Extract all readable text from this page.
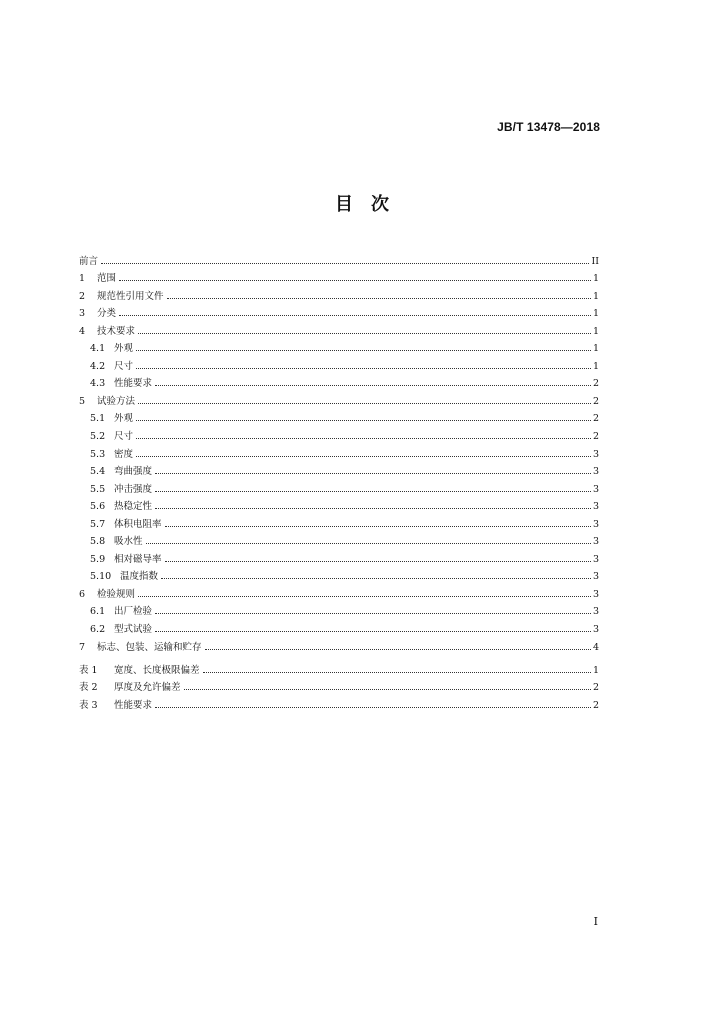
JB/T 13478—2018
目　次
前言	II
1	范围	1
2	规范性引用文件	1
3	分类	1
4	技术要求	1
4.1 外观	1
4.2 尺寸	1
4.3 性能要求	2
5	试验方法	2
5.1 外观	2
5.2 尺寸	2
5.3 密度	3
5.4 弯曲强度	3
5.5 冲击强度	3
5.6 热稳定性	3
5.7 体积电阻率	3
5.8 吸水性	3
5.9 相对磁导率	3
5.10 温度指数	3
6	检验规则	3
6.1 出厂检验	3
6.2 型式试验	3
7	标志、包装、运输和贮存	4
表 1	宽度、长度极限偏差	1
表 2	厚度及允许偏差	2
表 3	性能要求	2
I
